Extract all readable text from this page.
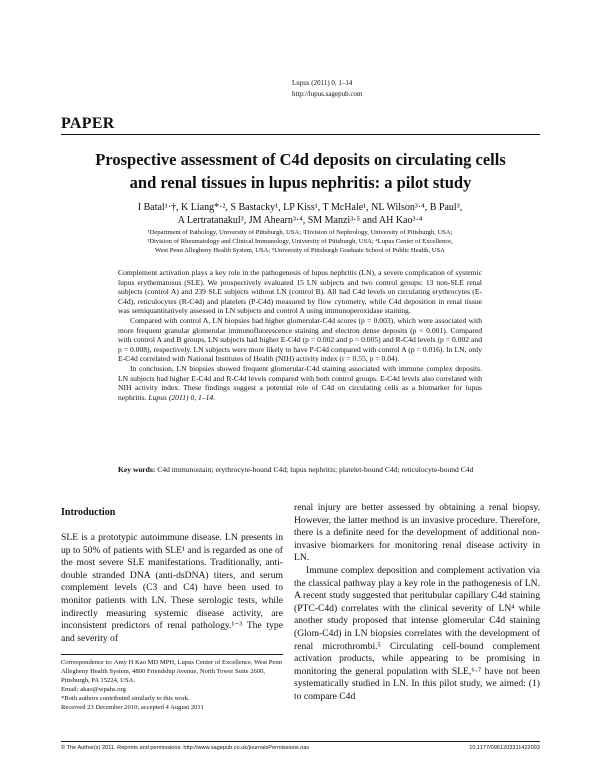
Lupus (2011) 0, 1–14
http://lupus.sagepub.com
PAPER
Prospective assessment of C4d deposits on circulating cells
and renal tissues in lupus nephritis: a pilot study
I Batal¹·†, K Liang*·², S Bastacky¹, LP Kiss¹, T McHale¹, NL Wilson³·⁴, B Paul³,
A Lertratanakul³, JM Ahearn³·⁴, SM Manzi³·⁵ and AH Kao³·⁴
¹Department of Pathology, University of Pittsburgh, USA; ²Division of Nephrology, University of Pittsburgh, USA;
³Division of Rheumatology and Clinical Immunology, University of Pittsburgh, USA; ⁴Lupus Center of Excellence,
West Penn Allegheny Health System, USA; ⁵University of Pittsburgh Graduate School of Public Health, USA

Complement activation plays a key role in the pathogenesis of lupus nephritis (LN), a severe complication of systemic lupus erythematosus (SLE). We prospectively evaluated 15 LN subjects and two control groups: 13 non-SLE renal subjects (control A) and 239 SLE subjects without LN (control B). All had C4d levels on circulating erythrocytes (E-C4d), reticulocytes (R-C4d) and platelets (P-C4d) measured by flow cytometry, while C4d deposition in renal tissue was semiquantitatively assessed in LN subjects and control A using immunoperoxidase staining.

Compared with control A, LN biopsies had higher glomerular-C4d scores (p = 0.003), which were associated with more frequent granular glomerular immunofluorescence staining and electron dense deposits (p < 0.001). Compared with control A and B groups, LN subjects had higher E-C4d (p = 0.002 and p = 0.005) and R-C4d levels (p = 0.002 and p = 0.008), respectively. LN subjects were more likely to have P-C4d compared with control A (p = 0.016). In LN, only E-C4d correlated with National Institutes of Health (NIH) activity index (r = 0.55, p = 0.04).

In conclusion, LN biopsies showed frequent glomerular-C4d staining associated with immune complex deposits. LN subjects had higher E-C4d and R-C4d levels compared with both control groups. E-C4d levels also correlated with NIH activity index. These findings suggest a potential role of C4d on circulating cells as a biomarker for lupus nephritis. Lupus (2011) 0, 1–14.

Key words: C4d immunostain; erythrocyte-bound C4d; lupus nephritis; platelet-bound C4d; reticulocyte-bound C4d
Introduction

SLE is a prototypic autoimmune disease. LN presents in up to 50% of patients with SLE¹ and is regarded as one of the most severe SLE manifestations. Traditionally, anti-double stranded DNA (anti-dsDNA) titers, and serum complement levels (C3 and C4) have been used to monitor patients with LN. These serologic tests, while indirectly measuring systemic disease activity, are inconsistent predictors of renal pathology.¹⁻³ The type and severity of

renal injury are better assessed by obtaining a renal biopsy. However, the latter method is an invasive procedure. Therefore, there is a definite need for the development of additional non-invasive biomarkers for monitoring renal disease activity in LN.

Immune complex deposition and complement activation via the classical pathway play a key role in the pathogenesis of LN. A recent study suggested that peritubular capillary C4d staining (PTC-C4d) correlates with the clinical severity of LN⁴ while another study proposed that intense glomerular C4d staining (Glom-C4d) in LN biopsies correlates with the development of renal microthrombi.⁵ Circulating cell-bound complement activation products, while appearing to be promising in monitoring the general population with SLE,⁶·⁷ have not been systematically studied in LN. In this pilot study, we aimed: (1) to compare C4d

Correspondence to: Amy H Kao MD MPH, Lupus Center of Excellence, West Penn Allegheny Health System, 4800 Friendship Avenue, North Tower Suite 2600, Pittsburgh, PA 15224, USA.
Email: akao@wpahs.org
*Both authors contributed similarly to this work.
Received 23 December 2010; accepted 4 August 2011
© The Author(s) 2011. Reprints and permissions: http://www.sagepub.co.uk/journalsPermissions.nav	10.1177/0961203311422093
